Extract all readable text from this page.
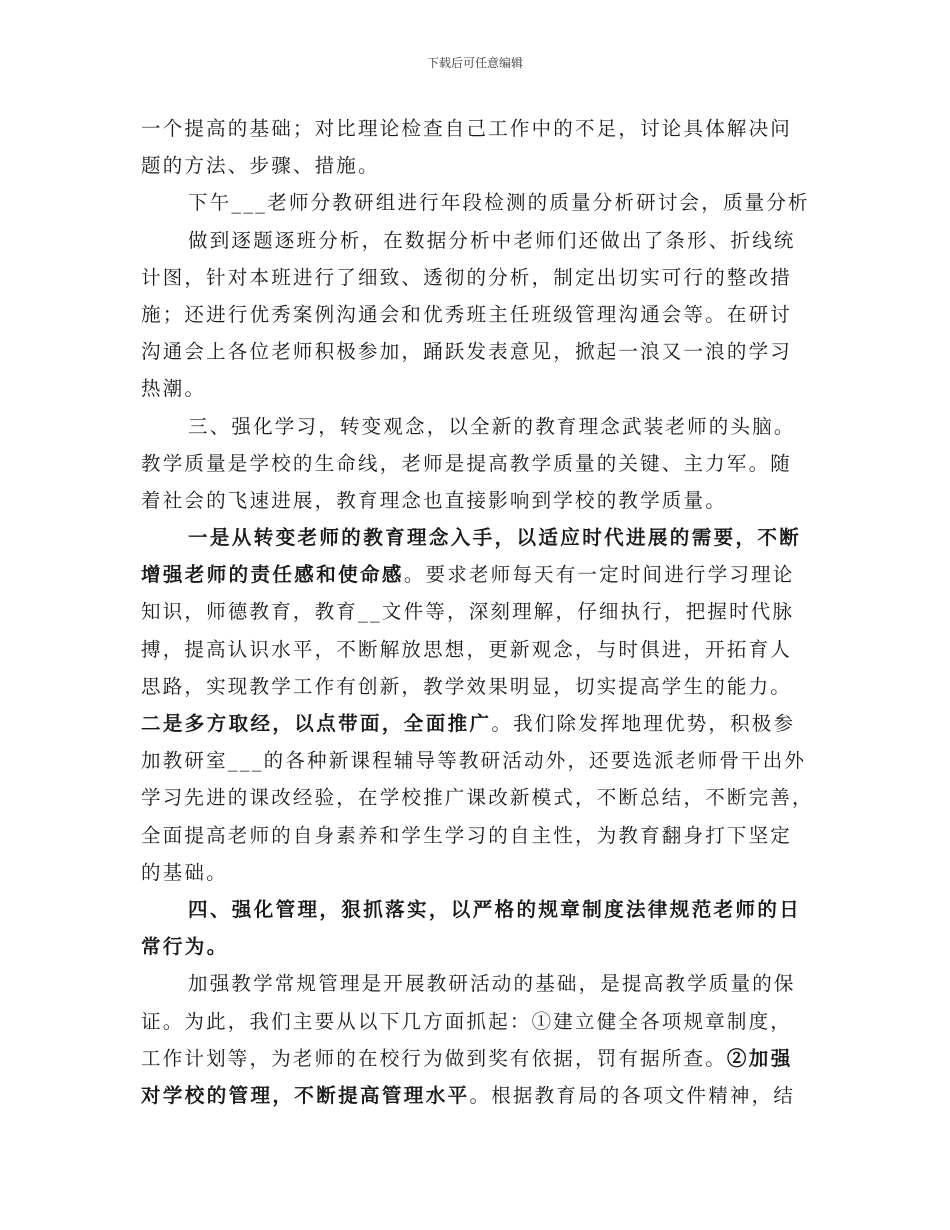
下载后可任意编辑
一个提高的基础；对比理论检查自己工作中的不足，讨论具体解决问
题的方法、步骤、措施。
下午___老师分教研组进行年段检测的质量分析研讨会，质量分析
做到逐题逐班分析，在数据分析中老师们还做出了条形、折线统
计图，针对本班进行了细致、透彻的分析，制定出切实可行的整改措
施；还进行优秀案例沟通会和优秀班主任班级管理沟通会等。在研讨
沟通会上各位老师积极参加，踊跃发表意见，掀起一浪又一浪的学习
热潮。
三、强化学习，转变观念，以全新的教育理念武装老师的头脑。
教学质量是学校的生命线，老师是提高教学质量的关键、主力军。随
着社会的飞速进展，教育理念也直接影响到学校的教学质量。
一是从转变老师的教育理念入手，以适应时代进展的需要，不断
增强老师的责任感和使命感。要求老师每天有一定时间进行学习理论
知识，师德教育，教育__文件等，深刻理解，仔细执行，把握时代脉
搏，提高认识水平，不断解放思想，更新观念，与时俱进，开拓育人
思路，实现教学工作有创新，教学效果明显，切实提高学生的能力。
二是多方取经，以点带面，全面推广。我们除发挥地理优势，积极参
加教研室___的各种新课程辅导等教研活动外，还要选派老师骨干出外
学习先进的课改经验，在学校推广课改新模式，不断总结，不断完善，
全面提高老师的自身素养和学生学习的自主性，为教育翻身打下坚定
的基础。
四、强化管理，狠抓落实，以严格的规章制度法律规范老师的日
常行为。
加强教学常规管理是开展教研活动的基础，是提高教学质量的保
证。为此，我们主要从以下几方面抓起：①建立健全各项规章制度，
工作计划等，为老师的在校行为做到奖有依据，罚有据所查。②加强
对学校的管理，不断提高管理水平。根据教育局的各项文件精神，结
